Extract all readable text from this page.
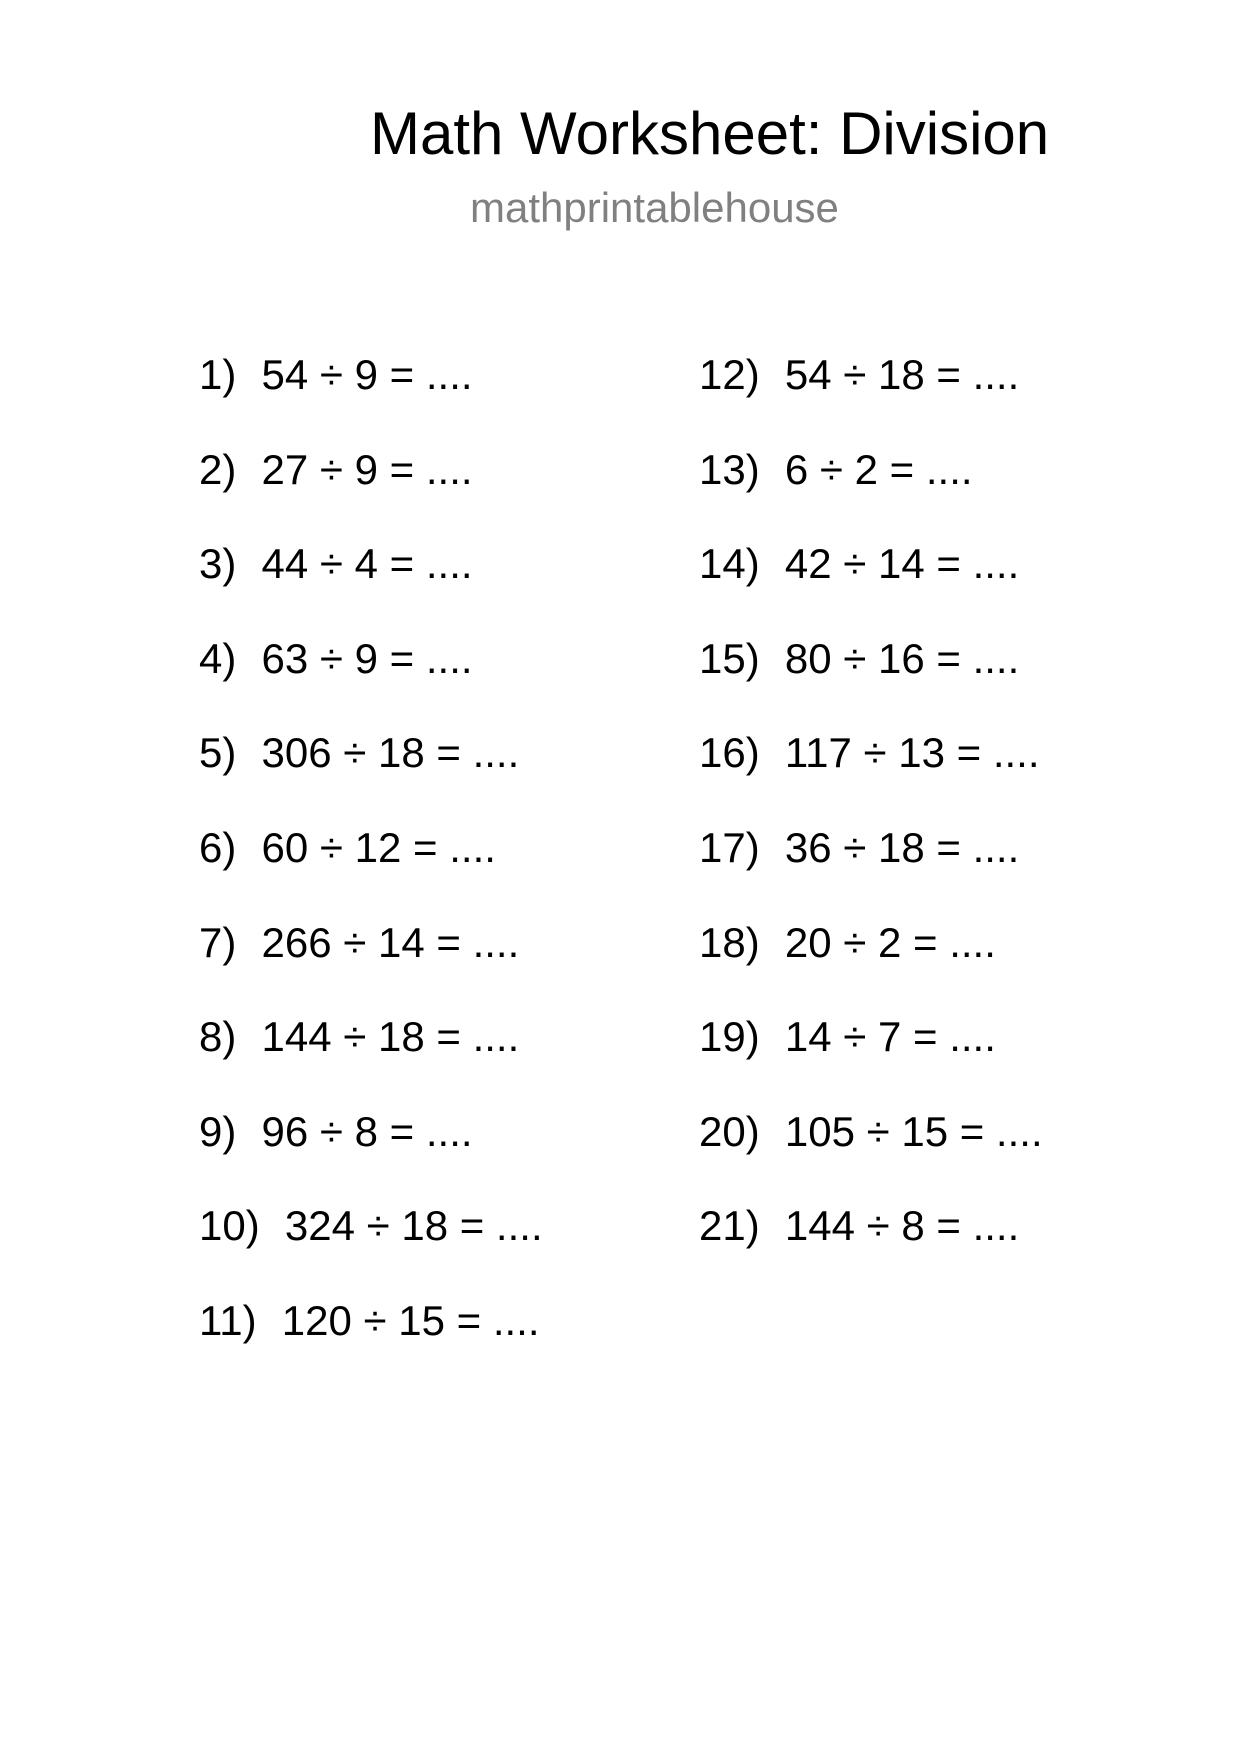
Math Worksheet: Division
mathprintablehouse
1) 54 ÷ 9 = ....
2) 27 ÷ 9 = ....
3) 44 ÷ 4 = ....
4) 63 ÷ 9 = ....
5) 306 ÷ 18 = ....
6) 60 ÷ 12 = ....
7) 266 ÷ 14 = ....
8) 144 ÷ 18 = ....
9) 96 ÷ 8 = ....
10) 324 ÷ 18 = ....
11) 120 ÷ 15 = ....
12) 54 ÷ 18 = ....
13) 6 ÷ 2 = ....
14) 42 ÷ 14 = ....
15) 80 ÷ 16 = ....
16) 117 ÷ 13 = ....
17) 36 ÷ 18 = ....
18) 20 ÷ 2 = ....
19) 14 ÷ 7 = ....
20) 105 ÷ 15 = ....
21) 144 ÷ 8 = ....
